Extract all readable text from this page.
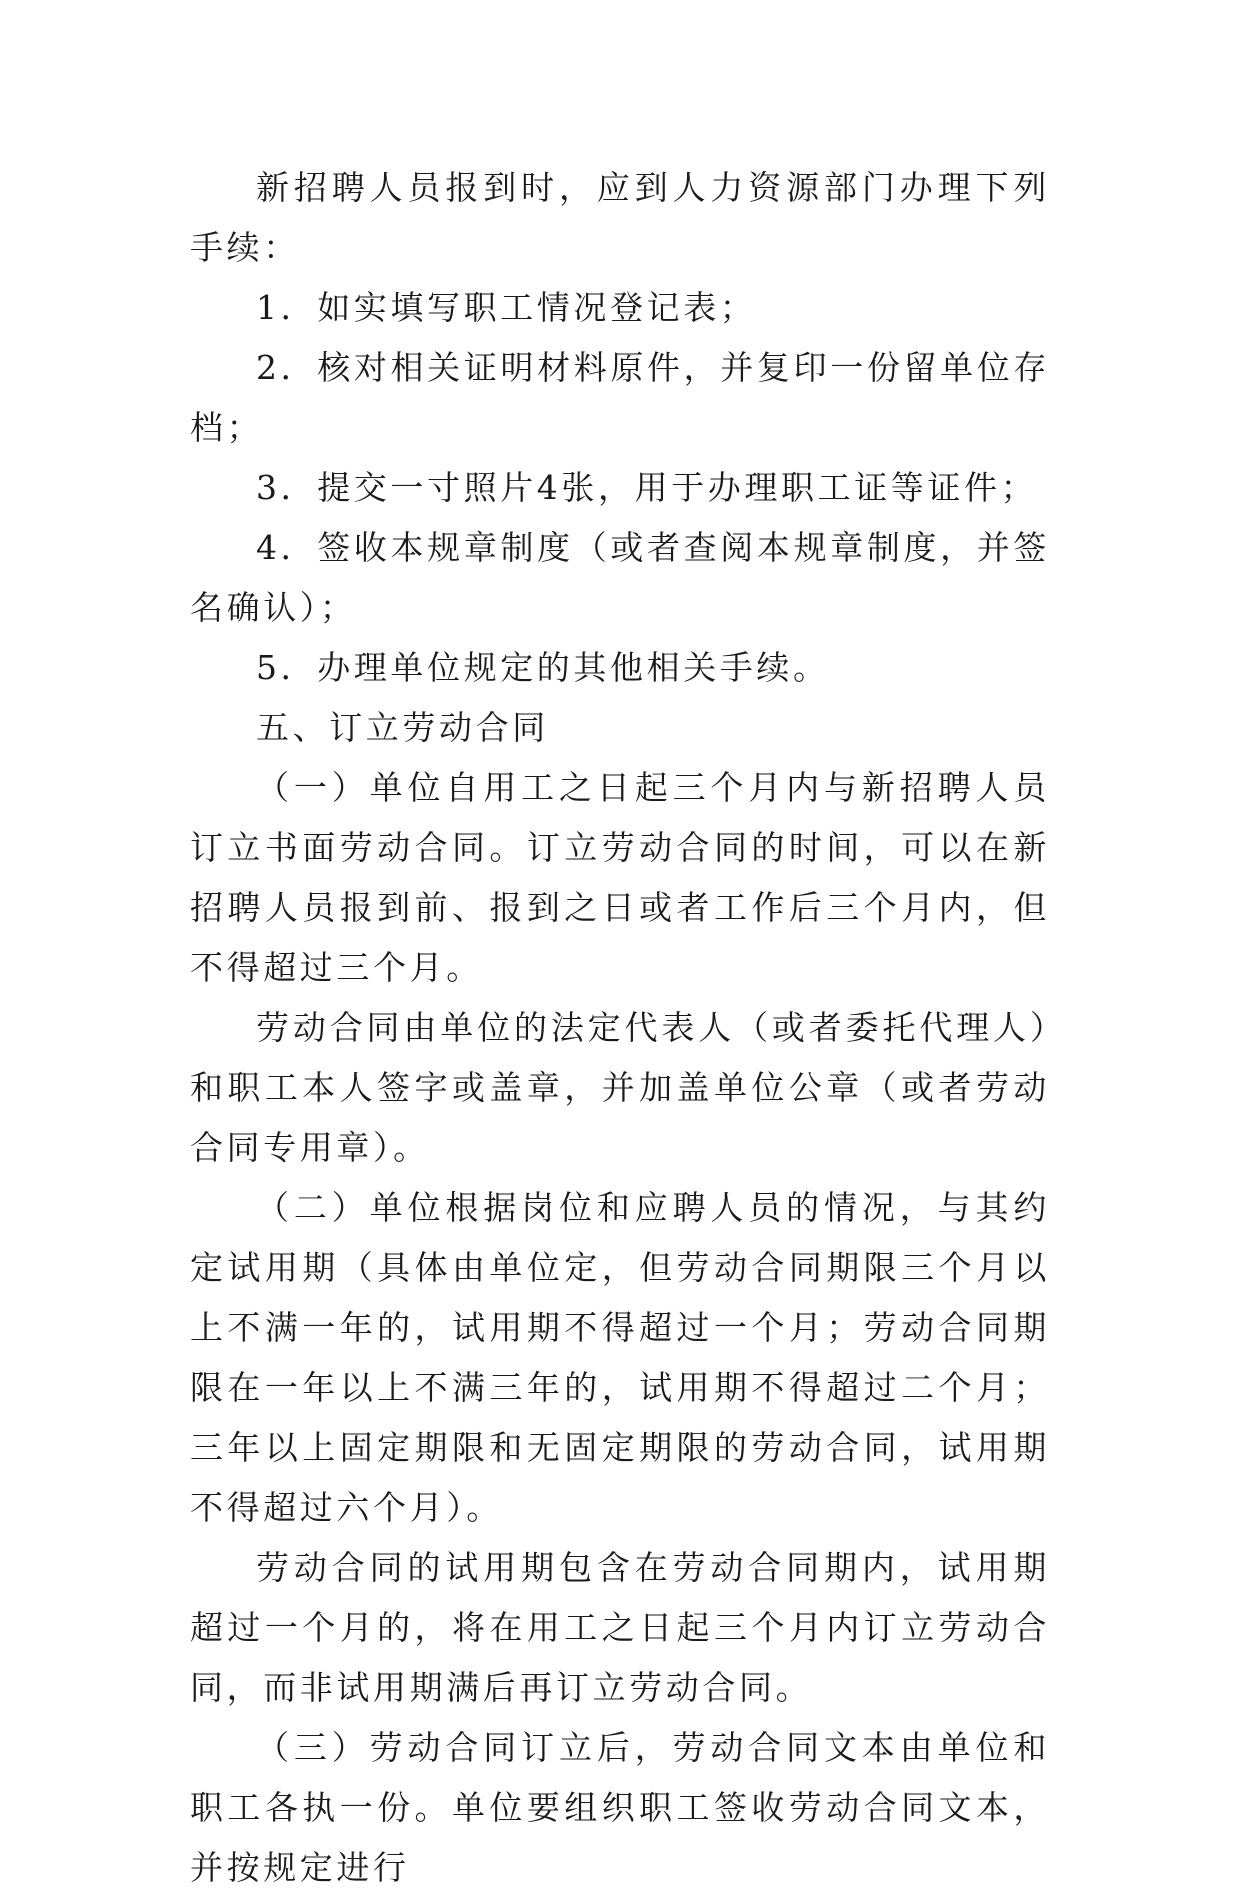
新招聘人员报到时，应到人力资源部门办理下列手续：

1．如实填写职工情况登记表；

2．核对相关证明材料原件，并复印一份留单位存档；

3．提交一寸照片4张，用于办理职工证等证件；

4．签收本规章制度（或者查阅本规章制度，并签名确认）；

5．办理单位规定的其他相关手续。

五、订立劳动合同

（一）单位自用工之日起三个月内与新招聘人员订立书面劳动合同。订立劳动合同的时间，可以在新招聘人员报到前、报到之日或者工作后三个月内，但不得超过三个月。

劳动合同由单位的法定代表人（或者委托代理人）和职工本人签字或盖章，并加盖单位公章（或者劳动合同专用章）。

（二）单位根据岗位和应聘人员的情况，与其约定试用期（具体由单位定，但劳动合同期限三个月以上不满一年的，试用期不得超过一个月；劳动合同期限在一年以上不满三年的，试用期不得超过二个月；三年以上固定期限和无固定期限的劳动合同，试用期不得超过六个月）。

劳动合同的试用期包含在劳动合同期内，试用期超过一个月的，将在用工之日起三个月内订立劳动合同，而非试用期满后再订立劳动合同。

（三）劳动合同订立后，劳动合同文本由单位和职工各执一份。单位要组织职工签收劳动合同文本，并按规定进行
